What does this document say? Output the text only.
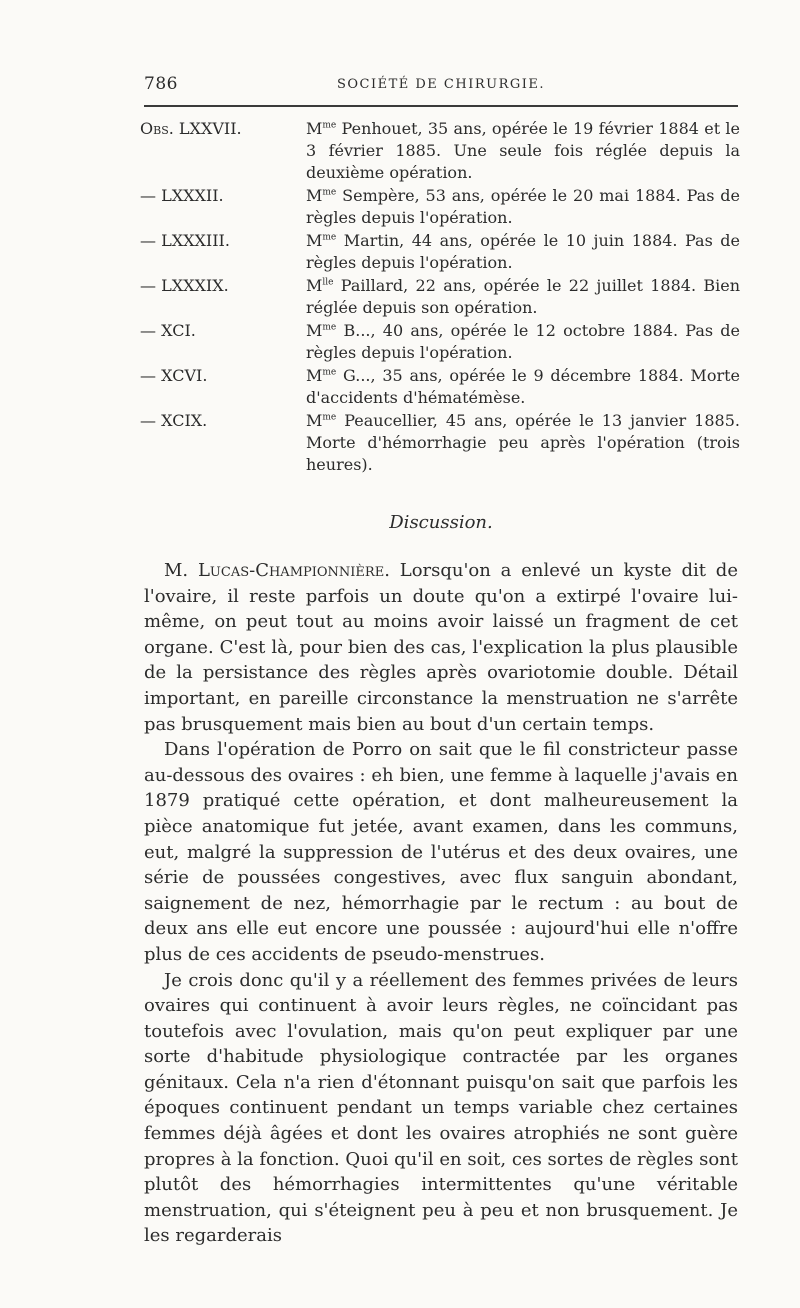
786	SOCIÉTÉ DE CHIRURGIE.
Obs. LXXVII.	$M^{me}$ Penhouet, 35 ans, opérée le 19 février 1884 et le 3 février 1885. Une seule fois réglée depuis la deuxième opération.
— LXXXII.	$M^{me}$ Sempère, 53 ans, opérée le 20 mai 1884. Pas de règles depuis l'opération.
— LXXXIII.	$M^{me}$ Martin, 44 ans, opérée le 10 juin 1884. Pas de règles depuis l'opération.
— LXXXIX.	$M^{lle}$ Paillard, 22 ans, opérée le 22 juillet 1884. Bien réglée depuis son opération.
— XCI.	$M^{me}$ B..., 40 ans, opérée le 12 octobre 1884. Pas de règles depuis l'opération.
— XCVI.	$M^{me}$ G..., 35 ans, opérée le 9 décembre 1884. Morte d'accidents d'hématémèse.
— XCIX.	$M^{me}$ Peaucellier, 45 ans, opérée le 13 janvier 1885. Morte d'hémorrhagie peu après l'opération (trois heures).
Discussion.

M. Lucas-Championnière. Lorsqu'on a enlevé un kyste dit de l'ovaire, il reste parfois un doute qu'on a extirpé l'ovaire lui-même, on peut tout au moins avoir laissé un fragment de cet organe. C'est là, pour bien des cas, l'explication la plus plausible de la persistance des règles après ovariotomie double. Détail important, en pareille circonstance la menstruation ne s'arrête pas brusquement mais bien au bout d'un certain temps.

Dans l'opération de Porro on sait que le fil constricteur passe au-dessous des ovaires : eh bien, une femme à laquelle j'avais en 1879 pratiqué cette opération, et dont malheureusement la pièce anatomique fut jetée, avant examen, dans les communs, eut, malgré la suppression de l'utérus et des deux ovaires, une série de poussées congestives, avec flux sanguin abondant, saignement de nez, hémorrhagie par le rectum : au bout de deux ans elle eut encore une poussée : aujourd'hui elle n'offre plus de ces accidents de pseudo-menstrues.

Je crois donc qu'il y a réellement des femmes privées de leurs ovaires qui continuent à avoir leurs règles, ne coïncidant pas toutefois avec l'ovulation, mais qu'on peut expliquer par une sorte d'habitude physiologique contractée par les organes génitaux. Cela n'a rien d'étonnant puisqu'on sait que parfois les époques continuent pendant un temps variable chez certaines femmes déjà âgées et dont les ovaires atrophiés ne sont guère propres à la fonction. Quoi qu'il en soit, ces sortes de règles sont plutôt des hémorrhagies intermittentes qu'une véritable menstruation, qui s'éteignent peu à peu et non brusquement. Je les regarderais
